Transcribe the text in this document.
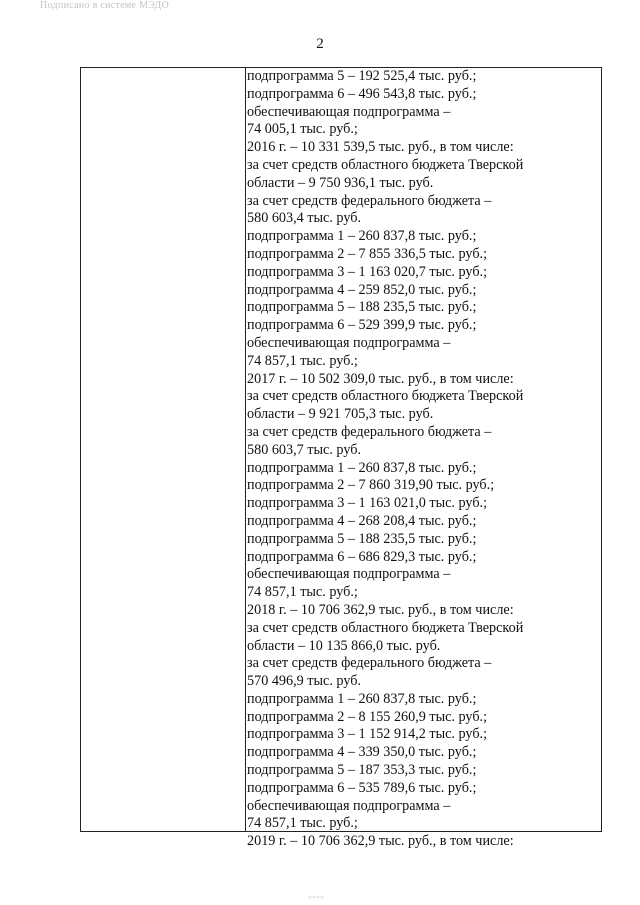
Подписано в системе МЭДО
2
подпрограмма 5 – 192 525,4 тыс. руб.;
подпрограмма 6 – 496 543,8 тыс. руб.;
обеспечивающая подпрограмма –
74 005,1 тыс. руб.;
2016 г. – 10 331 539,5 тыс. руб., в том числе:
за счет средств областного бюджета Тверской
области – 9 750 936,1 тыс. руб.
за счет средств федерального бюджета –
580 603,4 тыс. руб.
подпрограмма 1 – 260 837,8 тыс. руб.;
подпрограмма 2 – 7 855 336,5 тыс. руб.;
подпрограмма 3 – 1 163 020,7 тыс. руб.;
подпрограмма 4 – 259 852,0 тыс. руб.;
подпрограмма 5 – 188 235,5 тыс. руб.;
подпрограмма 6 – 529 399,9 тыс. руб.;
обеспечивающая подпрограмма –
74 857,1 тыс. руб.;
2017 г. – 10 502 309,0 тыс. руб., в том числе:
за счет средств областного бюджета Тверской
области – 9 921 705,3 тыс. руб.
за счет средств федерального бюджета –
580 603,7 тыс. руб.
подпрограмма 1 – 260 837,8 тыс. руб.;
подпрограмма 2 – 7 860 319,90 тыс. руб.;
подпрограмма 3 – 1 163 021,0 тыс. руб.;
подпрограмма 4 – 268 208,4 тыс. руб.;
подпрограмма 5 – 188 235,5 тыс. руб.;
подпрограмма 6 – 686 829,3 тыс. руб.;
обеспечивающая подпрограмма –
74 857,1 тыс. руб.;
2018 г. – 10 706 362,9 тыс. руб., в том числе:
за счет средств областного бюджета Тверской
области – 10 135 866,0 тыс. руб.
за счет средств федерального бюджета –
570 496,9 тыс. руб.
подпрограмма 1 – 260 837,8 тыс. руб.;
подпрограмма 2 – 8 155 260,9 тыс. руб.;
подпрограмма 3 – 1 152 914,2 тыс. руб.;
подпрограмма 4 – 339 350,0 тыс. руб.;
подпрограмма 5 – 187 353,3 тыс. руб.;
подпрограмма 6 – 535 789,6 тыс. руб.;
обеспечивающая подпрограмма –
74 857,1 тыс. руб.;
2019 г. – 10 706 362,9 тыс. руб., в том числе:
****
